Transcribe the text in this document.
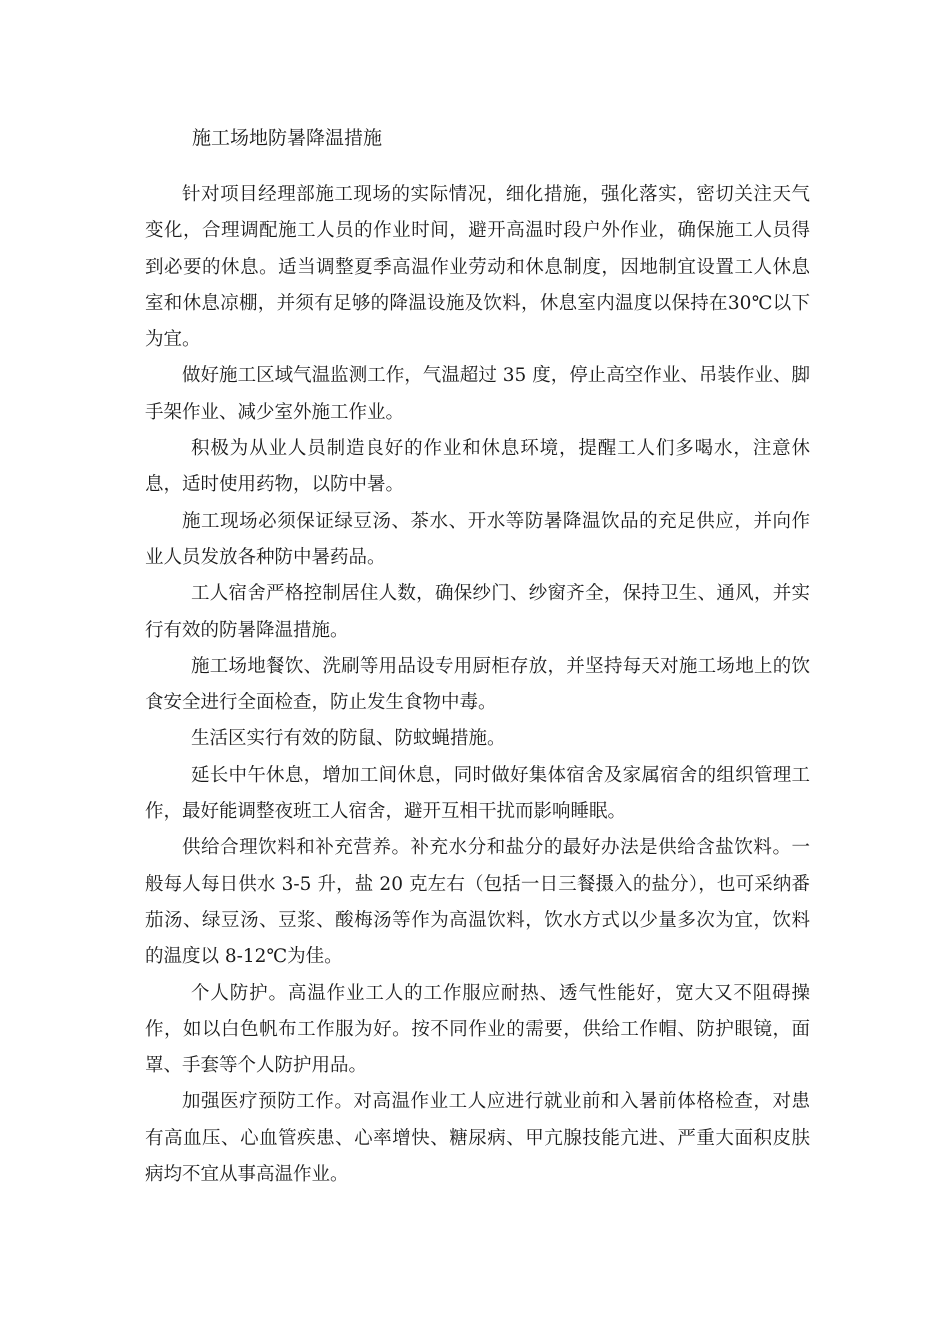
施工场地防暑降温措施

针对项目经理部施工现场的实际情况，细化措施，强化落实，密切关注天气变化，合理调配施工人员的作业时间，避开高温时段户外作业，确保施工人员得到必要的休息。适当调整夏季高温作业劳动和休息制度，因地制宜设置工人休息室和休息凉棚，并须有足够的降温设施及饮料，休息室内温度以保持在30℃以下为宜。

做好施工区域气温监测工作，气温超过 35 度，停止高空作业、吊装作业、脚手架作业、减少室外施工作业。

积极为从业人员制造良好的作业和休息环境，提醒工人们多喝水，注意休息，适时使用药物，以防中暑。

施工现场必须保证绿豆汤、茶水、开水等防暑降温饮品的充足供应，并向作业人员发放各种防中暑药品。

工人宿舍严格控制居住人数，确保纱门、纱窗齐全，保持卫生、通风，并实行有效的防暑降温措施。

施工场地餐饮、洗刷等用品设专用厨柜存放，并坚持每天对施工场地上的饮食安全进行全面检查，防止发生食物中毒。

生活区实行有效的防鼠、防蚊蝇措施。

延长中午休息，增加工间休息，同时做好集体宿舍及家属宿舍的组织管理工作，最好能调整夜班工人宿舍，避开互相干扰而影响睡眠。

供给合理饮料和补充营养。补充水分和盐分的最好办法是供给含盐饮料。一般每人每日供水 3-5 升，盐 20 克左右（包括一日三餐摄入的盐分），也可采纳番茄汤、绿豆汤、豆浆、酸梅汤等作为高温饮料，饮水方式以少量多次为宜，饮料的温度以 8-12℃为佳。

个人防护。高温作业工人的工作服应耐热、透气性能好，宽大又不阻碍操作，如以白色帆布工作服为好。按不同作业的需要，供给工作帽、防护眼镜，面罩、手套等个人防护用品。

加强医疗预防工作。对高温作业工人应进行就业前和入暑前体格检查，对患有高血压、心血管疾患、心率增快、糖尿病、甲亢腺技能亢进、严重大面积皮肤病均不宜从事高温作业。
